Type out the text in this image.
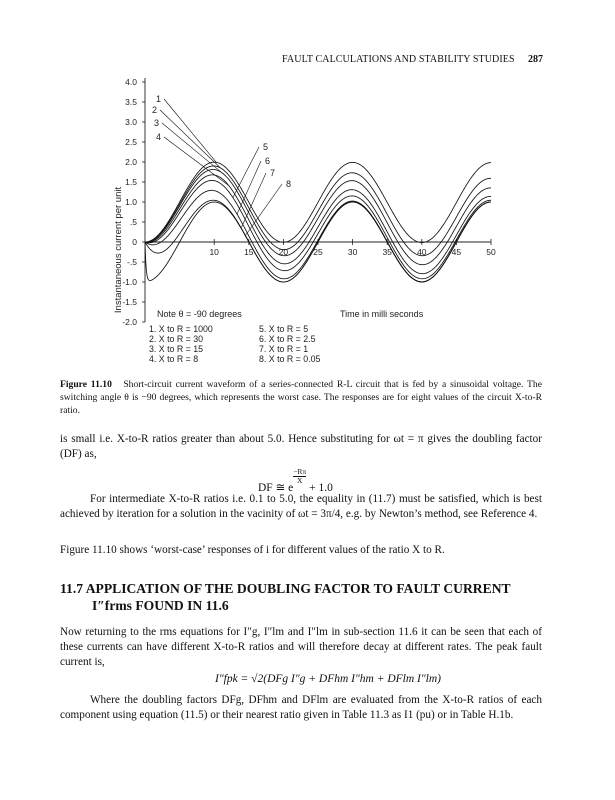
FAULT CALCULATIONS AND STABILITY STUDIES 287
4.0
3.5
3.0
2.5
2.0
1.5
1.0
.5
0
-.5
-1.0
-1.5
-2.0
10	15	20	25	30	35	40	45	50
1
2
3
4
5
6
7
8
Instantaneous current per unit
Note θ = -90 degrees	Time in milli seconds
1. X to R = 1000	5. X to R = 5
2. X to R = 30	6. X to R = 2.5
3. X to R = 15	7. X to R = 1
4. X to R = 8	8. X to R = 0.05
Figure 11.10 Short-circuit current waveform of a series-connected R-L circuit that is fed by a sinusoidal voltage. The switching angle θ is −90 degrees, which represents the worst case. The responses are for eight values of the circuit X-to-R ratio.
is small i.e. X-to-R ratios greater than about 5.0. Hence substituting for ωt = π gives the doubling factor (DF) as,
DF ≅ e
$\frac{-R\pi}{X}$
+ 1.0
For intermediate X-to-R ratios i.e. 0.1 to 5.0, the equality in (11.7) must be satisfied, which is best achieved by iteration for a solution in the vacinity of ωt = 3π/4, e.g. by Newton’s method, see Reference 4.
Figure 11.10 shows ‘worst-case’ responses of i for different values of the ratio X to R.
11.7 APPLICATION OF THE DOUBLING FACTOR TO FAULT CURRENT
I″frms FOUND IN 11.6
Now returning to the rms equations for I″g, I″lm and I″lm in sub-section 11.6 it can be seen that each of these currents can have different X-to-R ratios and will therefore decay at different rates. The peak fault current is,
I″fpk = √2(DFg I″g + DFhm I″hm + DFlm I″lm)
Where the doubling factors DFg, DFhm and DFlm are evaluated from the X-to-R ratios of each component using equation (11.5) or their nearest ratio given in Table 11.3 as I1 (pu) or in Table H.1b.
